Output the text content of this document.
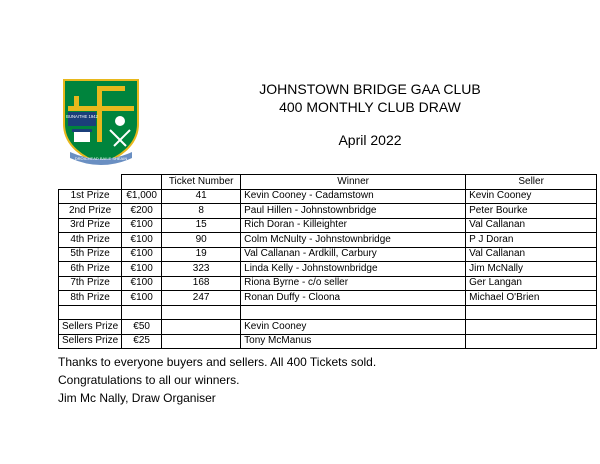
BUNAITHE 1942
DROICHEAD BAILE SHEAIN
JOHNSTOWN BRIDGE GAA CLUB
400 MONTHLY CLUB DRAW
April 2022
		Ticket Number	Winner	Seller
1st Prize	€1,000	41	Kevin Cooney - Cadamstown	Kevin Cooney
2nd Prize	€200	8	Paul Hillen - Johnstownbridge	Peter Bourke
3rd Prize	€100	15	Rich Doran - Killeighter	Val Callanan
4th Prize	€100	90	Colm McNulty - Johnstownbridge	P J Doran
5th Prize	€100	19	Val Callanan - Ardkill, Carbury	Val Callanan
6th Prize	€100	323	Linda Kelly - Johnstownbridge	Jim McNally
7th Prize	€100	168	Riona Byrne - c/o seller	Ger Langan
8th Prize	€100	247	Ronan Duffy - Cloona	Michael O'Brien

Sellers Prize	€50		Kevin Cooney	
Sellers Prize	€25		Tony McManus	
Thanks to everyone buyers and sellers. All 400 Tickets sold.
Congratulations to all our winners.
Jim Mc Nally, Draw Organiser
